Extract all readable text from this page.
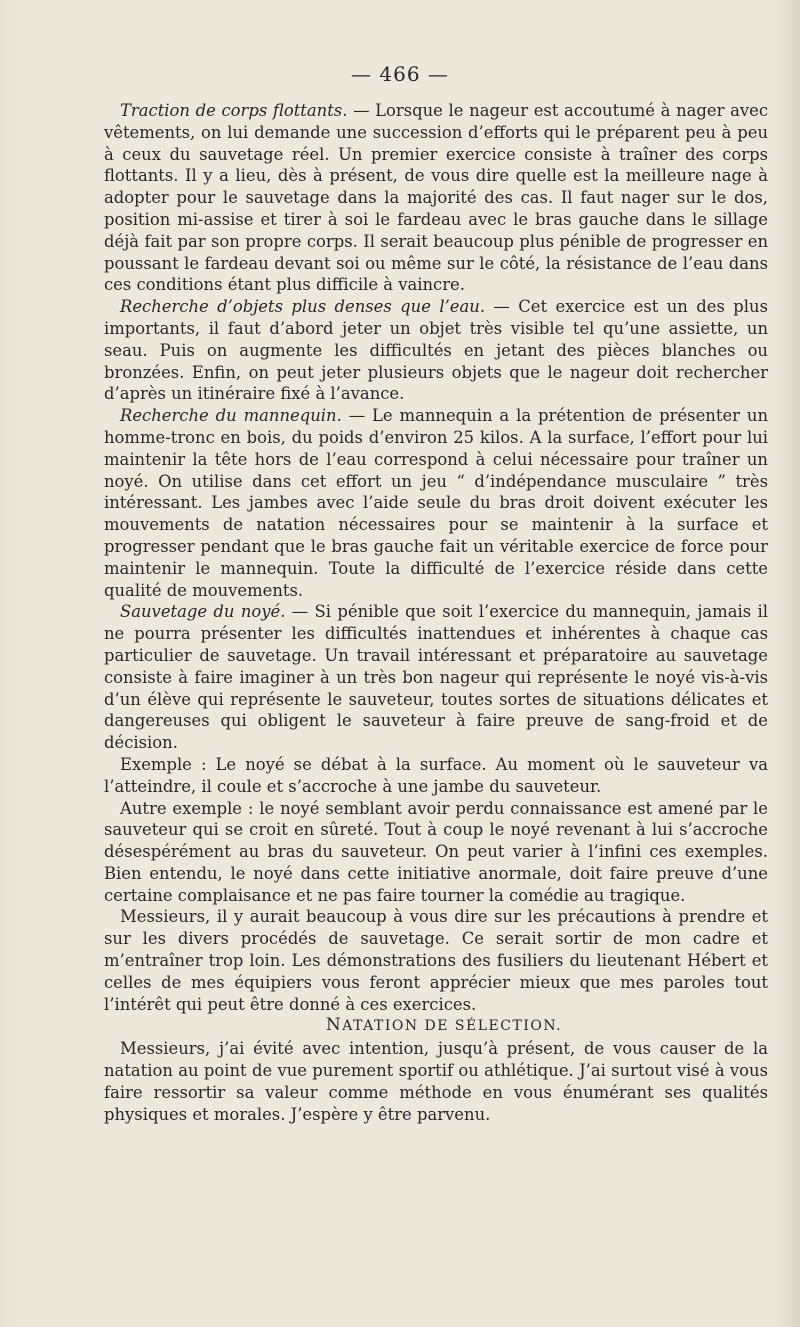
— 466 —

Traction de corps flottants. — Lorsque le nageur est accoutumé à nager avec vêtements, on lui demande une succession d’efforts qui le préparent peu à peu à ceux du sauvetage réel. Un premier exercice consiste à traîner des corps flottants. Il y a lieu, dès à présent, de vous dire quelle est la meilleure nage à adopter pour le sauvetage dans la majorité des cas. Il faut nager sur le dos, position mi-assise et tirer à soi le fardeau avec le bras gauche dans le sillage déjà fait par son propre corps. Il serait beaucoup plus pénible de progresser en poussant le fardeau devant soi ou même sur le côté, la résistance de l’eau dans ces conditions étant plus difficile à vaincre.

Recherche d’objets plus denses que l’eau. — Cet exercice est un des plus importants, il faut d’abord jeter un objet très visible tel qu’une assiette, un seau. Puis on augmente les difficultés en jetant des pièces blanches ou bronzées. Enfin, on peut jeter plusieurs objets que le nageur doit rechercher d’après un itinéraire fixé à l’avance.

Recherche du mannequin. — Le mannequin a la prétention de présenter un homme-tronc en bois, du poids d’environ 25 kilos. A la surface, l’effort pour lui maintenir la tête hors de l’eau correspond à celui nécessaire pour traîner un noyé. On utilise dans cet effort un jeu “ d’indépendance musculaire ” très intéressant. Les jambes avec l’aide seule du bras droit doivent exécuter les mouvements de natation nécessaires pour se maintenir à la surface et progresser pendant que le bras gauche fait un véritable exercice de force pour maintenir le mannequin. Toute la difficulté de l’exercice réside dans cette qualité de mouvements.

Sauvetage du noyé. — Si pénible que soit l’exercice du mannequin, jamais il ne pourra présenter les difficultés inattendues et inhérentes à chaque cas particulier de sauvetage. Un travail intéressant et préparatoire au sauvetage consiste à faire imaginer à un très bon nageur qui représente le noyé vis-à-vis d’un élève qui représente le sauveteur, toutes sortes de situations délicates et dangereuses qui obligent le sauveteur à faire preuve de sang-froid et de décision.

Exemple : Le noyé se débat à la surface. Au moment où le sauveteur va l’atteindre, il coule et s’accroche à une jambe du sauveteur.

Autre exemple : le noyé semblant avoir perdu connaissance est amené par le sauveteur qui se croit en sûreté. Tout à coup le noyé revenant à lui s’accroche désespérément au bras du sauveteur. On peut varier à l’infini ces exemples. Bien entendu, le noyé dans cette initiative anormale, doit faire preuve d’une certaine complaisance et ne pas faire tourner la comédie au tragique.

Messieurs, il y aurait beaucoup à vous dire sur les précautions à prendre et sur les divers procédés de sauvetage. Ce serait sortir de mon cadre et m’entraîner trop loin. Les démonstrations des fusiliers du lieutenant Hébert et celles de mes équipiers vous feront apprécier mieux que mes paroles tout l’intérêt qui peut être donné à ces exercices.

NATATION DE SÉLECTION.

Messieurs, j’ai évité avec intention, jusqu’à présent, de vous causer de la natation au point de vue purement sportif ou athlétique. J’ai surtout visé à vous faire ressortir sa valeur comme méthode en vous énumérant ses qualités physiques et morales. J’espère y être parvenu.
